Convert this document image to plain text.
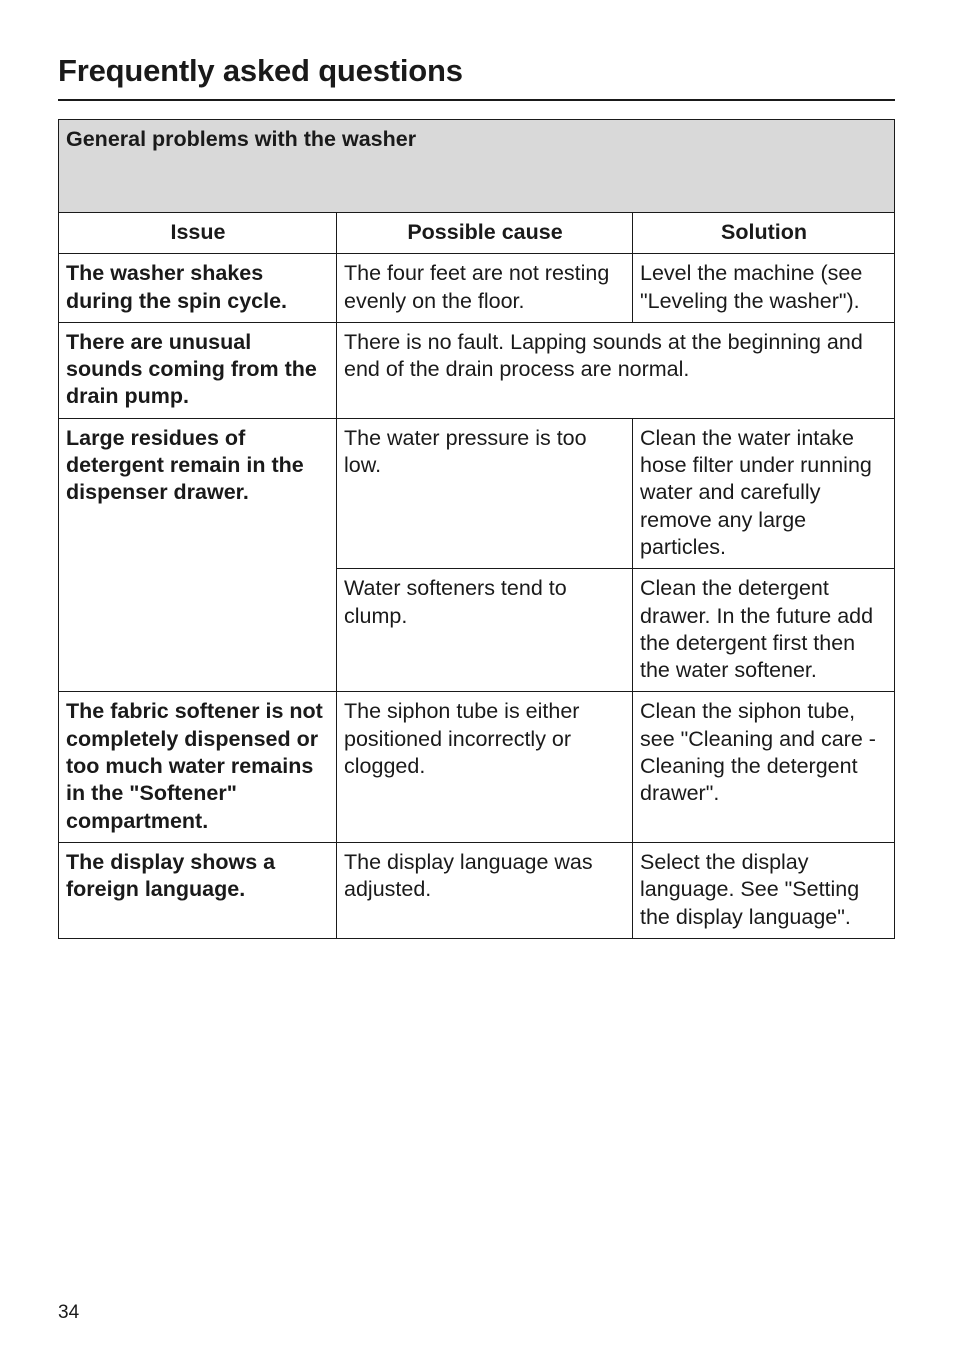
Frequently asked questions
General problems with the washer		

Issue	Possible cause	Solution
The washer shakes during the spin cycle.	The four feet are not resting evenly on the floor.	Level the machine (see "Leveling the washer").
There are unusual sounds coming from the drain pump.	There is no fault. Lapping sounds at the beginning and end of the drain process are normal.	
Large residues of detergent remain in the dispenser drawer.	The water pressure is too low.	Clean the water intake hose filter under running water and carefully remove any large particles.
	Water softeners tend to clump.	Clean the detergent drawer. In the future add the detergent first then the water softener.
The fabric softener is not completely dispensed or too much water remains in the "Softener" compartment.	The siphon tube is either positioned incorrectly or clogged.	Clean the siphon tube, see "Cleaning and care - Cleaning the detergent drawer".
The display shows a foreign language.	The display language was adjusted.	Select the display language. See "Setting the display language".
34
